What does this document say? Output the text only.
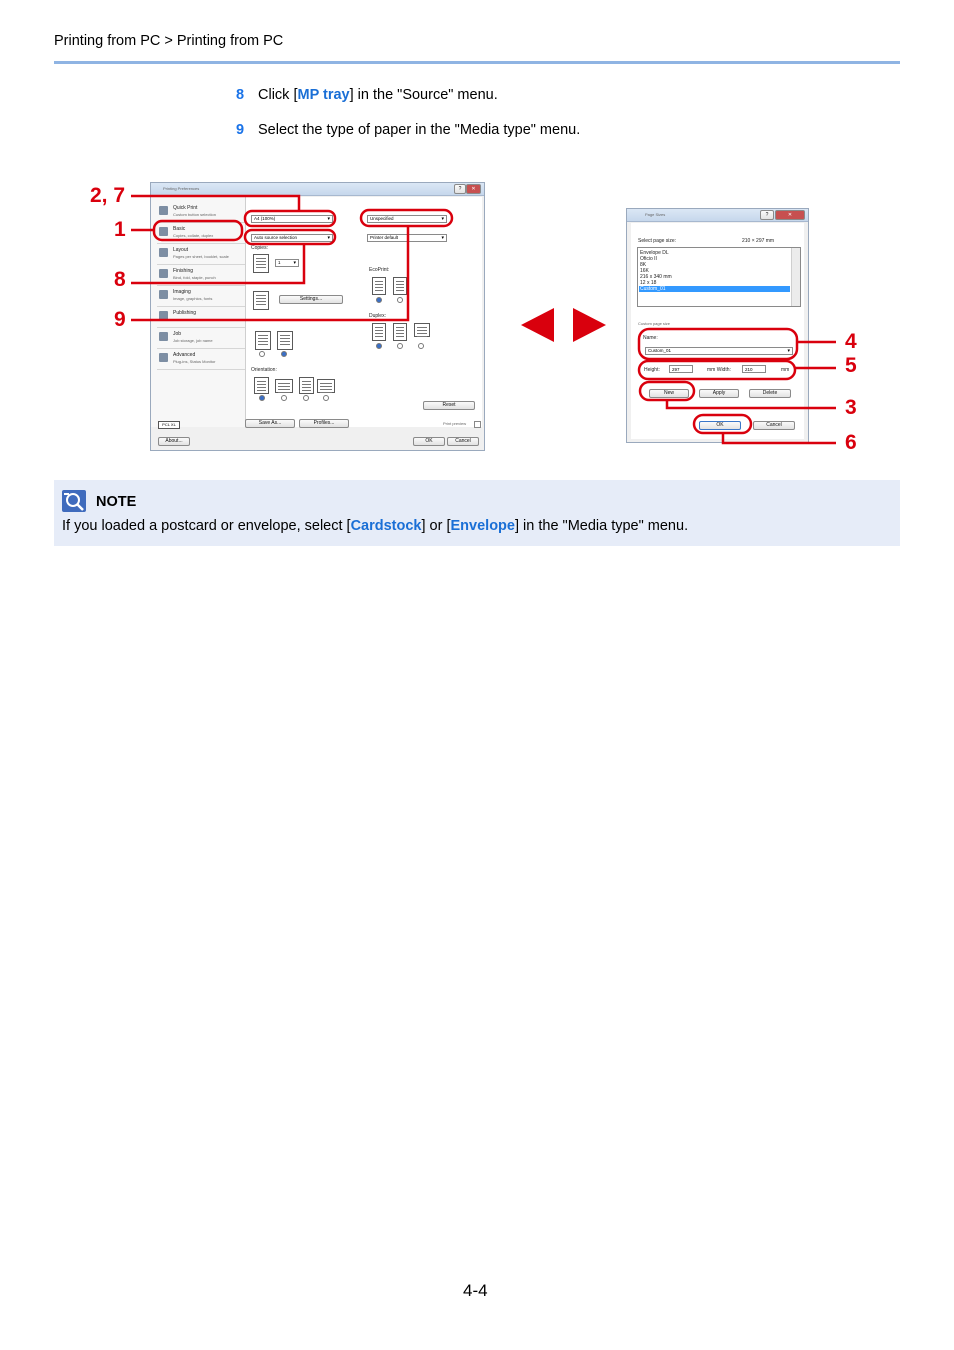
Printing from PC > Printing from PC
8 Click [MP tray] in the "Source" menu.
9 Select the type of paper in the "Media type" menu.
Printing Preferences	?	✕
Quick Print
Custom button selection
Basic
Copies, collate, duplex
Layout
Pages per sheet, booklet, scale
Finishing
Bind, fold, staple, punch
Imaging
Image, graphics, fonts
Publishing
Job
Job storage, job name
Advanced
Plug-ins, Status Monitor
A4 (100%) ▾
Auto source selection ▾
Unspecified ▾
Printer default ▾
Copies:
1 ▾
Settings...
EcoPrint:
Duplex:
Orientation:
Reset
Print preview
PCL XL	Save As...	Profiles...
About...	OK	Cancel
2, 7
1
8
9
Page Sizes	?	✕
Select page size:	210 × 297 mm
Envelope DL
Oficio II
8K
16K
216 x 340 mm
12 x 18
Custom_01
Custom page size
Name:
Custom_01 ▾
Height:	297	mm Width:	210	mm
New	Apply	Delete
OK	Cancel
4
5
3
6
NOTE
If you loaded a postcard or envelope, select [Cardstock] or [Envelope] in the "Media type" menu.
4-4
